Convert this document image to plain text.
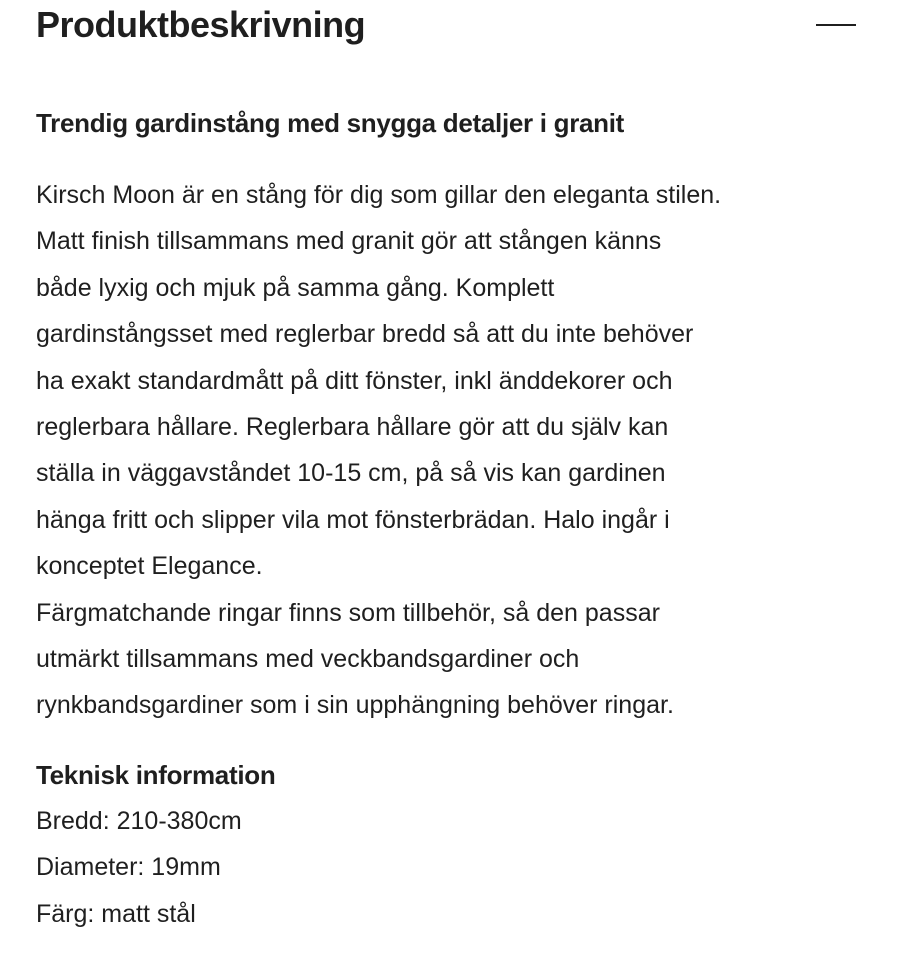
Produktbeskrivning
Trendig gardinstång med snygga detaljer i granit
Kirsch Moon är en stång för dig som gillar den eleganta stilen.
Matt finish tillsammans med granit gör att stången känns
både lyxig och mjuk på samma gång. Komplett
gardinstångsset med reglerbar bredd så att du inte behöver
ha exakt standardmått på ditt fönster, inkl änddekorer och
reglerbara hållare. Reglerbara hållare gör att du själv kan
ställa in väggavståndet 10-15 cm, på så vis kan gardinen
hänga fritt och slipper vila mot fönsterbrädan. Halo ingår i
konceptet Elegance.
Färgmatchande ringar finns som tillbehör, så den passar
utmärkt tillsammans med veckbandsgardiner och
rynkbandsgardiner som i sin upphängning behöver ringar.
Teknisk information
Bredd: 210-380cm
Diameter: 19mm
Färg: matt stål
